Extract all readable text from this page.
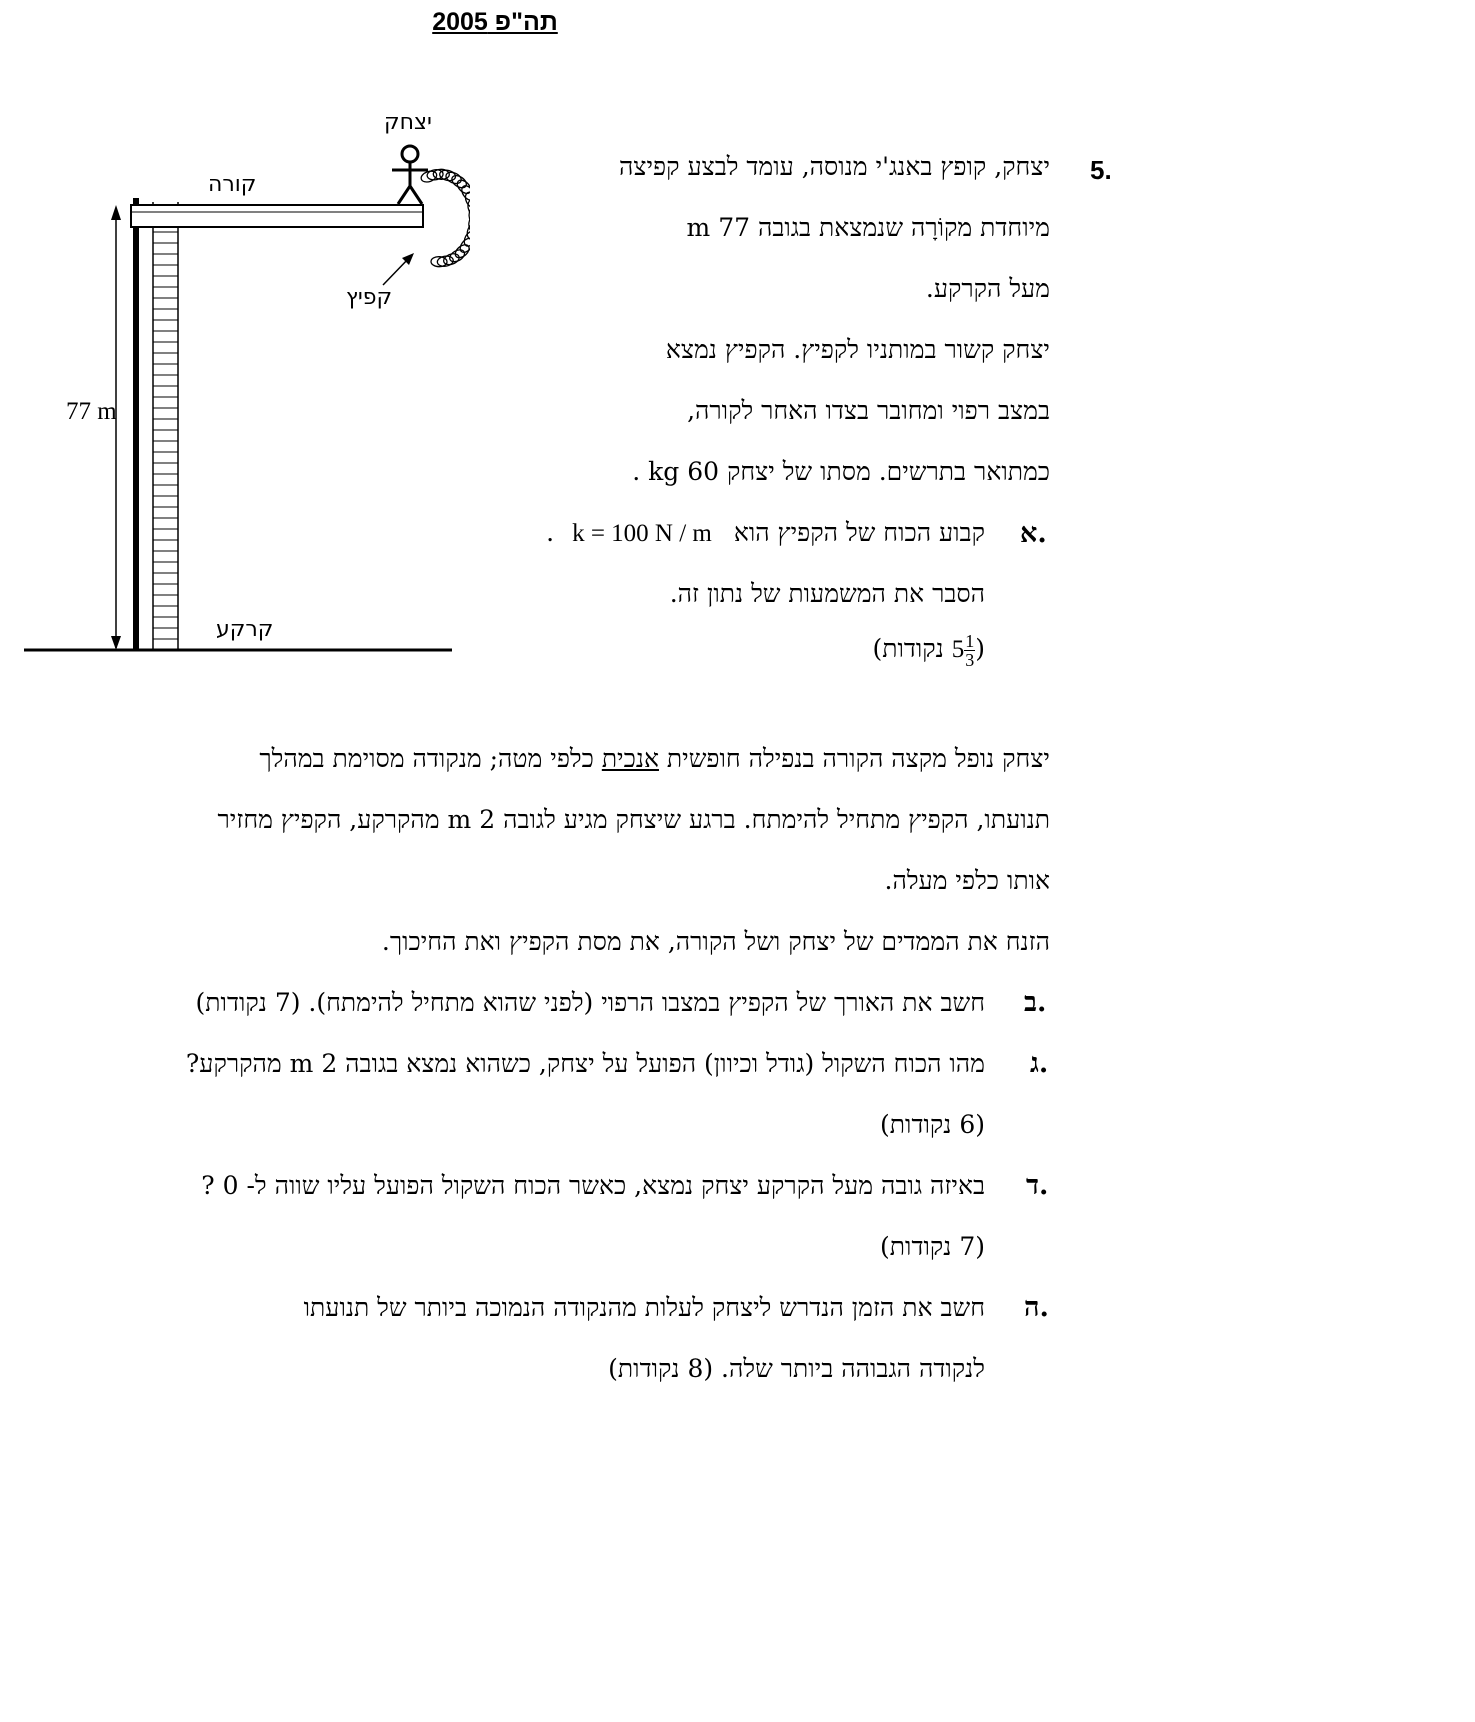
תה"פ 2005
יצחק
קורה
קפיץ
קרקע
77 m
5.
יצחק, קופץ באנג'י מנוסה, עומד לבצע קפיצה
מיוחדת מקוֹרָה שנמצאת בגובה 77 m
מעל הקרקע.
יצחק קשור במותניו לקפיץ. הקפיץ נמצא
במצב רפוי ומחובר בצדו האחר לקורה,
כמתואר בתרשים. מסתו של יצחק 60 kg .
א.
קבוע הכוח של הקפיץ הוא k = 100 N / m .
הסבר את המשמעות של נתון זה.
(
$\frac{1}{3}$
5 נקודות)
יצחק נופל מקצה הקורה בנפילה חופשית אנכית כלפי מטה; מנקודה מסוימת במהלך
תנועתו, הקפיץ מתחיל להימתח. ברגע שיצחק מגיע לגובה 2 m מהקרקע, הקפיץ מחזיר
אותו כלפי מעלה.
הזנח את הממדים של יצחק ושל הקורה, את מסת הקפיץ ואת החיכוך.
ב.
חשב את האורך של הקפיץ במצבו הרפוי (לפני שהוא מתחיל להימתח). (7 נקודות)
ג.
מהו הכוח השקול (גודל וכיוון) הפועל על יצחק, כשהוא נמצא בגובה 2 m מהקרקע?
(6 נקודות)
ד.
באיזה גובה מעל הקרקע יצחק נמצא, כאשר הכוח השקול הפועל עליו שווה ל- 0 ?
(7 נקודות)
ה.
חשב את הזמן הנדרש ליצחק לעלות מהנקודה הנמוכה ביותר של תנועתו
לנקודה הגבוהה ביותר שלה. (8 נקודות)
